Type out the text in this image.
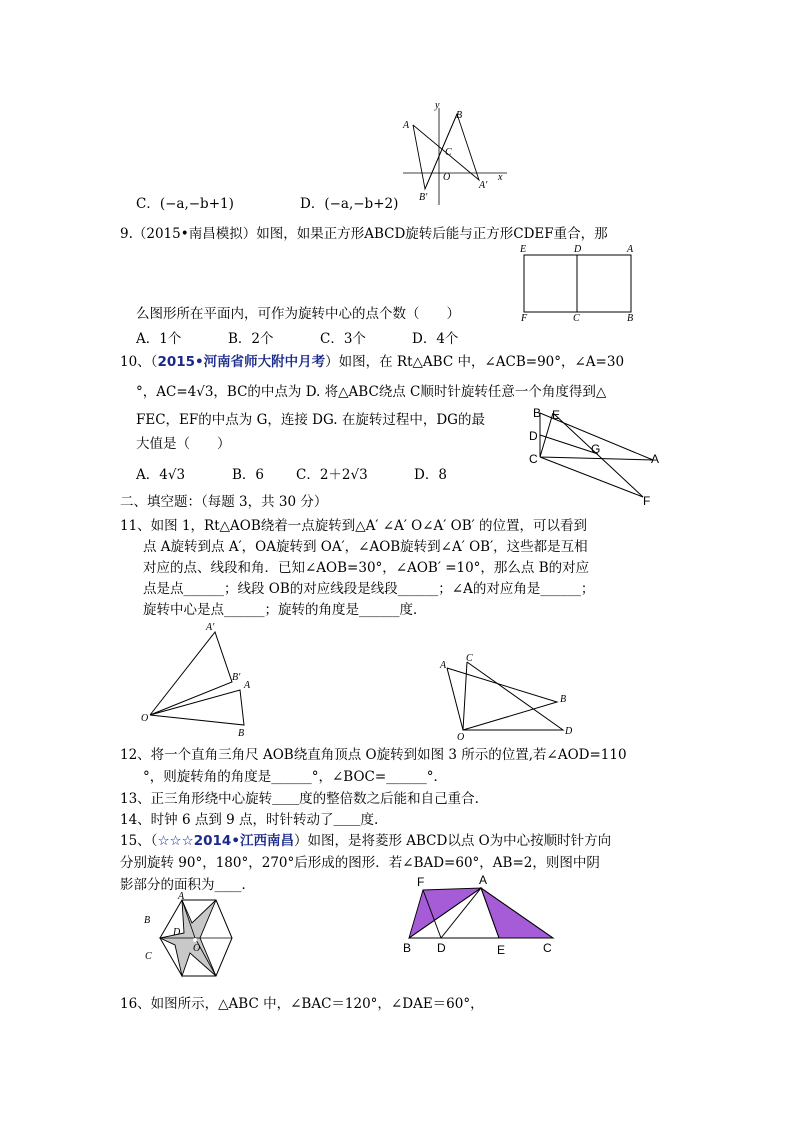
C．(−a,−b+1)	D．(−a,−b+2)
y
x
A
B
C
O
A′
B′
9.（2015•南昌模拟）如图，如果正方形ABCD旋转后能与正方形CDEF重合，那
E	D	A
F	C	B
么图形所在平面内，可作为旋转中心的点个数（　　）
A．1个	B．2个	C．3个	D．4个
10、（2015•河南省师大附中月考）如图，在 Rt△ABC 中，∠ACB=90°，∠A=30
°，AC=4√3，BC的中点为 D. 将△ABC绕点 C顺时针旋转任意一个角度得到△
FEC，EF的中点为 G，连接 DG. 在旋转过程中，DG的最
大值是（　　）
B E
D
G
C	A
F
A．4√3	B．6 C．2＋2√3	D．8
二、填空题：（每题 3，共 30 分）
11、如图 1，Rt△AOB绕着一点旋转到△A′ ∠A′ O∠A′ OB′ 的位置，可以看到
点 A旋转到点 A′，OA旋转到 OA′，∠AOB旋转到∠A′ OB′，这些都是互相
对应的点、线段和角．已知∠AOB=30°，∠AOB′ =10°，那么点 B的对应
点是点______；线段 OB的对应线段是线段______；∠A的对应角是______；
旋转中心是点______；旋转的角度是______度．
A′
B′
A
O
B
A
C
B
O
D
12、将一个直角三角尺 AOB绕直角顶点 O旋转到如图 3 所示的位置,若∠AOD=110
°，则旋转角的角度是______°，∠BOC=______°．
13、正三角形绕中心旋转＿＿度的整倍数之后能和自己重合.
14、时钟 6 点到 9 点，时针转动了＿＿度.
15、（☆☆☆2014•江西南昌）如图，是将菱形 ABCD以点 O为中心按顺时针方向
分别旋转 90°，180°，270°后形成的图形．若∠BAD=60°，AB=2，则图中阴
影部分的面积为____．
A
B
D
C
O
F	A
B D	E	C
16、如图所示，△ABC 中，∠BAC＝120°，∠DAE＝60°，
